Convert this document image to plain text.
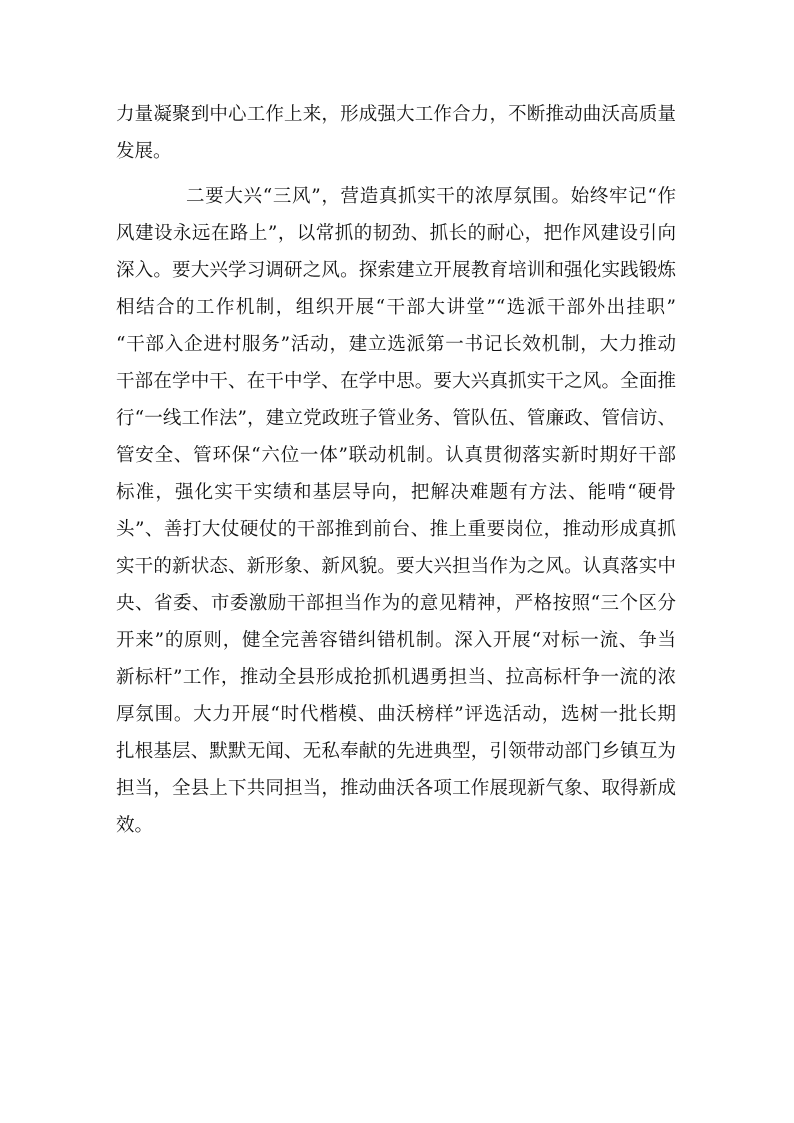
力量凝聚到中心工作上来，形成强大工作合力，不断推动曲沃高质量
发展。
二要大兴“三风”，营造真抓实干的浓厚氛围。始终牢记“作
风建设永远在路上”，以常抓的韧劲、抓长的耐心，把作风建设引向
深入。要大兴学习调研之风。探索建立开展教育培训和强化实践锻炼
相结合的工作机制，组织开展“干部大讲堂”“选派干部外出挂职”
“干部入企进村服务”活动，建立选派第一书记长效机制，大力推动
干部在学中干、在干中学、在学中思。要大兴真抓实干之风。全面推
行“一线工作法”，建立党政班子管业务、管队伍、管廉政、管信访、
管安全、管环保“六位一体”联动机制。认真贯彻落实新时期好干部
标准，强化实干实绩和基层导向，把解决难题有方法、能啃“硬骨
头”、善打大仗硬仗的干部推到前台、推上重要岗位，推动形成真抓
实干的新状态、新形象、新风貌。要大兴担当作为之风。认真落实中
央、省委、市委激励干部担当作为的意见精神，严格按照“三个区分
开来”的原则，健全完善容错纠错机制。深入开展“对标一流、争当
新标杆”工作，推动全县形成抢抓机遇勇担当、拉高标杆争一流的浓
厚氛围。大力开展“时代楷模、曲沃榜样”评选活动，选树一批长期
扎根基层、默默无闻、无私奉献的先进典型，引领带动部门乡镇互为
担当，全县上下共同担当，推动曲沃各项工作展现新气象、取得新成
效。
